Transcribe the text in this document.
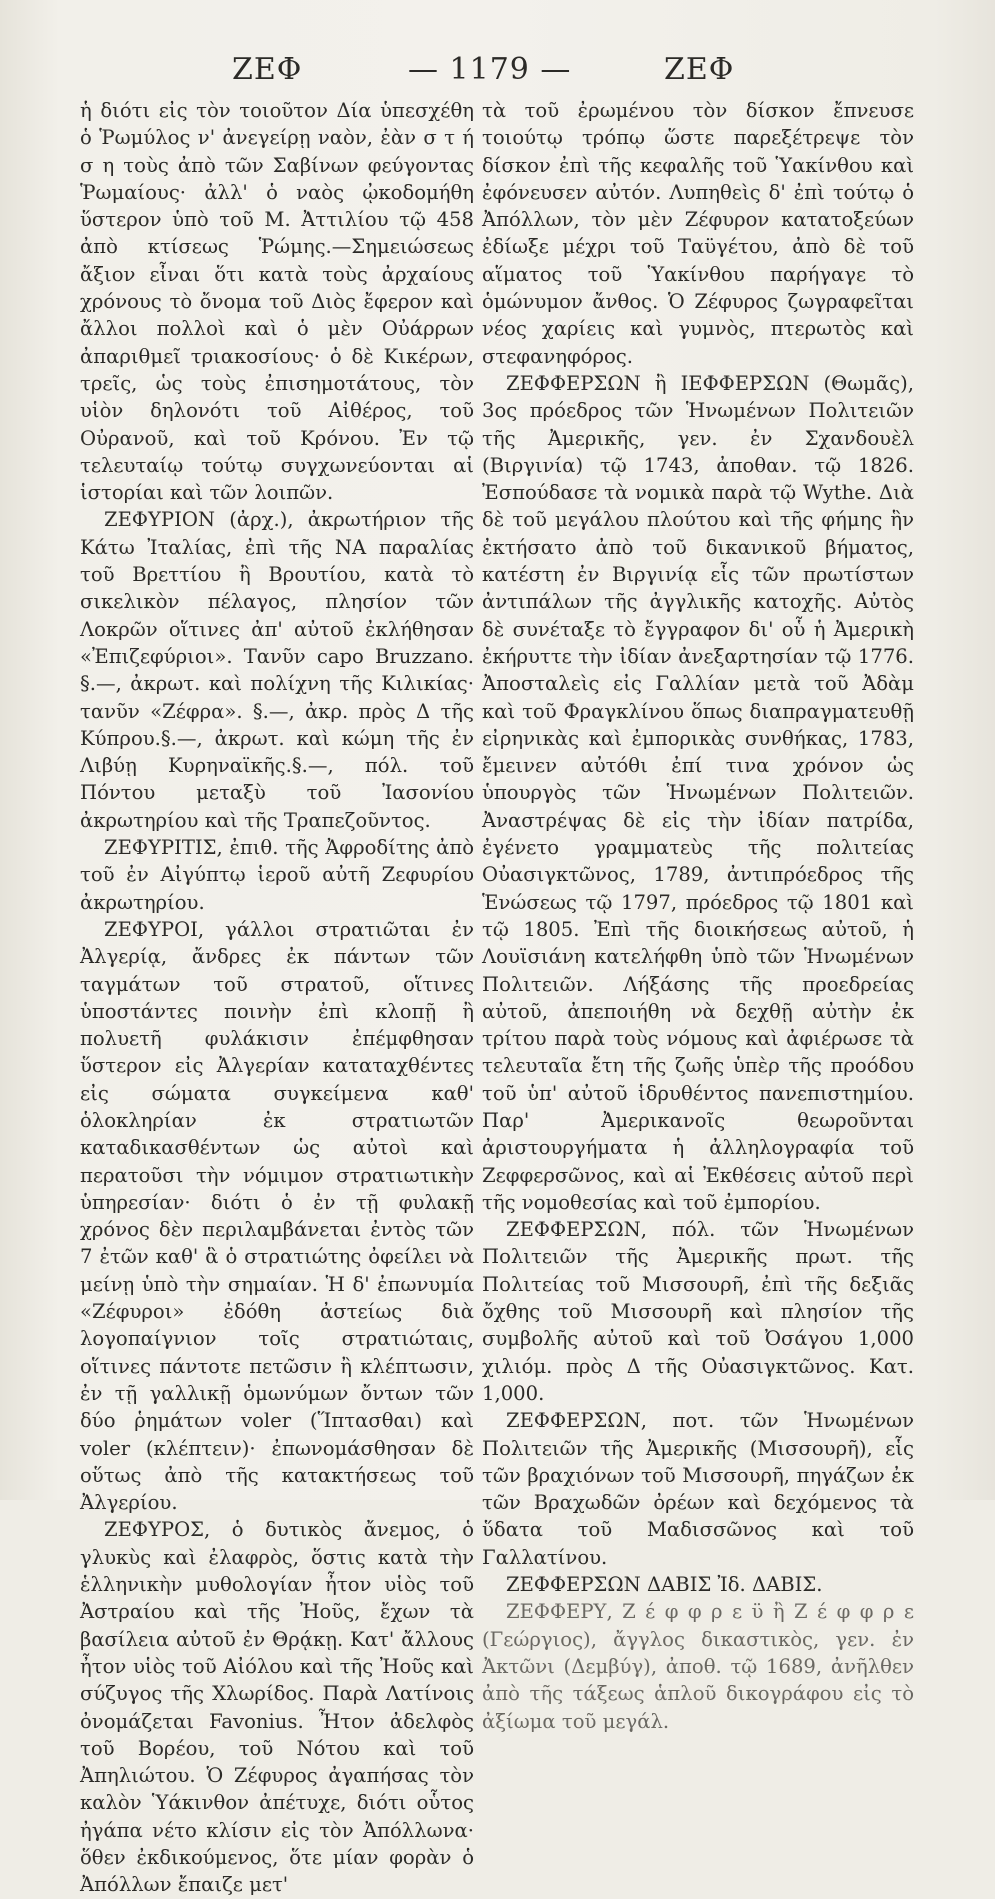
ΖΕΦ	— 1179 —	ΖΕΦ

ἡ διότι εἰς τὸν τοιοῦτον Δία ὑπεσχέθη ὁ Ῥωμύλος ν' ἀνεγείρῃ ναὸν, ἐὰν σ τ ή σ η τοὺς ἀπὸ τῶν Σαβίνων φεύγοντας Ῥωμαίους· ἀλλ' ὁ ναὸς ᾠκοδομήθη ὕστερον ὑπὸ τοῦ Μ. Ἀττιλίου τῷ 458 ἀπὸ κτίσεως Ῥώμης.—Σημειώσεως ἄξιον εἶναι ὅτι κατὰ τοὺς ἀρχαίους χρόνους τὸ ὄνομα τοῦ Διὸς ἔφερον καὶ ἄλλοι πολλοὶ καὶ ὁ μὲν Οὐάρρων ἀπαριθμεῖ τριακοσίους· ὁ δὲ Κικέρων, τρεῖς, ὡς τοὺς ἐπισημοτάτους, τὸν υἱὸν δηλονότι τοῦ Αἰθέρος, τοῦ Οὐρανοῦ, καὶ τοῦ Κρόνου. Ἐν τῷ τελευταίῳ τούτῳ συγχωνεύονται αἱ ἱστορίαι καὶ τῶν λοιπῶν.

ΖΕΦΥΡΙΟΝ (ἀρχ.), ἀκρωτήριον τῆς Κάτω Ἰταλίας, ἐπὶ τῆς ΝΑ παραλίας τοῦ Βρεττίου ἢ Βρουτίου, κατὰ τὸ σικελικὸν πέλαγος, πλησίον τῶν Λοκρῶν οἵτινες ἀπ' αὐτοῦ ἐκλήθησαν «Ἐπιζεφύριοι». Τανῦν capo Bruzzano. §.—, ἀκρωτ. καὶ πολίχνη τῆς Κιλικίας· τανῦν «Ζέφρα». §.—, ἀκρ. πρὸς Δ τῆς Κύπρου.§.—, ἀκρωτ. καὶ κώμη τῆς ἐν Λιβύῃ Κυρηναϊκῆς.§.—, πόλ. τοῦ Πόντου μεταξὺ τοῦ Ἰασονίου ἀκρωτηρίου καὶ τῆς Τραπεζοῦντος.

ΖΕΦΥΡΙΤΙΣ, ἐπιθ. τῆς Ἀφροδίτης ἀπὸ τοῦ ἐν Αἰγύπτῳ ἱεροῦ αὐτῆ Ζεφυρίου ἀκρωτηρίου.

ΖΕΦΥΡΟΙ, γάλλοι στρατιῶται ἐν Ἀλγερίᾳ, ἄνδρες ἐκ πάντων τῶν ταγμάτων τοῦ στρατοῦ, οἵτινες ὑποστάντες ποινὴν ἐπὶ κλοπῇ ἢ πολυετῆ φυλάκισιν ἐπέμφθησαν ὕστερον εἰς Ἀλγερίαν καταταχθέντες εἰς σώματα συγκείμενα καθ' ὁλοκληρίαν ἐκ στρατιωτῶν καταδικασθέντων ὡς αὐτοὶ καὶ περατοῦσι τὴν νόμιμον στρατιωτικὴν ὑπηρεσίαν· διότι ὁ ἐν τῇ φυλακῇ χρόνος δὲν περιλαμβάνεται ἐντὸς τῶν 7 ἐτῶν καθ' ἃ ὁ στρατιώτης ὀφείλει νὰ μείνῃ ὑπὸ τὴν σημαίαν. Ἡ δ' ἐπωνυμία «Ζέφυροι» ἐδόθη ἀστείως διὰ λογοπαίγνιον τοῖς στρατιώταις, οἵτινες πάντοτε πετῶσιν ἢ κλέπτωσιν, ἐν τῇ γαλλικῇ ὁμωνύμων ὄντων τῶν δύο ῥημάτων voler (Ἵπτασθαι) καὶ voler (κλέπτειν)· ἐπωνομάσθησαν δὲ οὕτως ἀπὸ τῆς κατακτήσεως τοῦ Ἀλγερίου.

ΖΕΦΥΡΟΣ, ὁ δυτικὸς ἄνεμος, ὁ γλυκὺς καὶ ἐλαφρὸς, ὅστις κατὰ τὴν ἑλληνικὴν μυθολογίαν ἦτον υἱὸς τοῦ Ἀστραίου καὶ τῆς Ἠοῦς, ἔχων τὰ βασίλεια αὐτοῦ ἐν Θρᾴκῃ. Κατ' ἄλλους ἦτον υἱὸς τοῦ Αἰόλου καὶ τῆς Ἠοῦς καὶ σύζυγος τῆς Χλωρίδος. Παρὰ Λατίνοις ὀνομάζεται Favonius. Ἦτον ἀδελφὸς τοῦ Βορέου, τοῦ Νότου καὶ τοῦ Ἀπηλιώτου. Ὁ Ζέφυρος ἀγαπήσας τὸν καλὸν Ὑάκινθον ἀπέτυχε, διότι οὗτος ἠγάπα νέτο κλίσιν εἰς τὸν Ἀπόλλωνα· ὅθεν ἐκδικούμενος, ὅτε μίαν φορὰν ὁ Ἀπόλλων ἔπαιζε μετ'

τὰ τοῦ ἐρωμένου τὸν δίσκον ἔπνευσε τοιούτῳ τρόπῳ ὥστε παρεξέτρεψε τὸν δίσκον ἐπὶ τῆς κεφαλῆς τοῦ Ὑακίνθου καὶ ἐφόνευσεν αὐτόν. Λυπηθεὶς δ' ἐπὶ τούτῳ ὁ Ἀπόλλων, τὸν μὲν Ζέφυρον κατατοξεύων ἐδίωξε μέχρι τοῦ Ταϋγέτου, ἀπὸ δὲ τοῦ αἵματος τοῦ Ὑακίνθου παρήγαγε τὸ ὁμώνυμον ἄνθος. Ὁ Ζέφυρος ζωγραφεῖται νέος χαρίεις καὶ γυμνὸς, πτερωτὸς καὶ στεφανηφόρος.

ΖΕΦΦΕΡΣΩΝ ἢ ΙΕΦΦΕΡΣΩΝ (Θωμᾶς), 3ος πρόεδρος τῶν Ἡνωμένων Πολιτειῶν τῆς Ἀμερικῆς, γεν. ἐν Σχανδουὲλ (Βιργινία) τῷ 1743, ἀποθαν. τῷ 1826. Ἐσπούδασε τὰ νομικὰ παρὰ τῷ Wythe. Διὰ δὲ τοῦ μεγάλου πλούτου καὶ τῆς φήμης ἣν ἐκτήσατο ἀπὸ τοῦ δικανικοῦ βήματος, κατέστη ἐν Βιργινίᾳ εἷς τῶν πρωτίστων ἀντιπάλων τῆς ἀγγλικῆς κατοχῆς. Αὐτὸς δὲ συνέταξε τὸ ἔγγραφον δι' οὗ ἡ Ἀμερικὴ ἐκήρυττε τὴν ἰδίαν ἀνεξαρτησίαν τῷ 1776. Ἀποσταλεὶς εἰς Γαλλίαν μετὰ τοῦ Ἀδὰμ καὶ τοῦ Φραγκλίνου ὅπως διαπραγματευθῇ εἰρηνικὰς καὶ ἐμπορικὰς συνθήκας, 1783, ἔμεινεν αὐτόθι ἐπί τινα χρόνον ὡς ὑπουργὸς τῶν Ἡνωμένων Πολιτειῶν. Ἀναστρέψας δὲ εἰς τὴν ἰδίαν πατρίδα, ἐγένετο γραμματεὺς τῆς πολιτείας Οὐασιγκτῶνος, 1789, ἀντιπρόεδρος τῆς Ἑνώσεως τῷ 1797, πρόεδρος τῷ 1801 καὶ τῷ 1805. Ἐπὶ τῆς διοικήσεως αὐτοῦ, ἡ Λουϊσιάνη κατελήφθη ὑπὸ τῶν Ἡνωμένων Πολιτειῶν. Λήξάσης τῆς προεδρείας αὐτοῦ, ἀπεποιήθη νὰ δεχθῇ αὐτὴν ἐκ τρίτου παρὰ τοὺς νόμους καὶ ἀφιέρωσε τὰ τελευταῖα ἔτη τῆς ζωῆς ὑπὲρ τῆς προόδου τοῦ ὑπ' αὐτοῦ ἱδρυθέντος πανεπιστημίου. Παρ' Ἀμερικανοῖς θεωροῦνται ἀριστουργήματα ἡ ἀλληλογραφία τοῦ Ζεφφερσῶνος, καὶ αἱ Ἐκθέσεις αὐτοῦ περὶ τῆς νομοθεσίας καὶ τοῦ ἐμπορίου.

ΖΕΦΦΕΡΣΩΝ, πόλ. τῶν Ἡνωμένων Πολιτειῶν τῆς Ἀμερικῆς πρωτ. τῆς Πολιτείας τοῦ Μισσουρῆ, ἐπὶ τῆς δεξιᾶς ὄχθης τοῦ Μισσουρῆ καὶ πλησίον τῆς συμβολῆς αὐτοῦ καὶ τοῦ Ὀσάγου 1,000 χιλιόμ. πρὸς Δ τῆς Οὐασιγκτῶνος. Κατ. 1,000.

ΖΕΦΦΕΡΣΩΝ, ποτ. τῶν Ἡνωμένων Πολιτειῶν τῆς Ἀμερικῆς (Μισσουρῆ), εἷς τῶν βραχιόνων τοῦ Μισσουρῆ, πηγάζων ἐκ τῶν Βραχωδῶν ὀρέων καὶ δεχόμενος τὰ ὕδατα τοῦ Μαδισσῶνος καὶ τοῦ Γαλλατίνου.

ΖΕΦΦΕΡΣΩΝ ΔΑΒΙΣ Ἰδ. ΔΑΒΙΣ.

ΖΕΦΦΕΡΥ, Ζ έ φ φ ρ ε ϋ ἢ Ζ έ φ φ ρ ε (Γεώργιος), ἄγγλος δικαστικὸς, γεν. ἐν Ἀκτῶνι (Δεμβύγ), ἀποθ. τῷ 1689, ἀνῆλθεν ἀπὸ τῆς τάξεως ἁπλοῦ δικογράφου εἰς τὸ ἀξίωμα τοῦ μεγάλ.
